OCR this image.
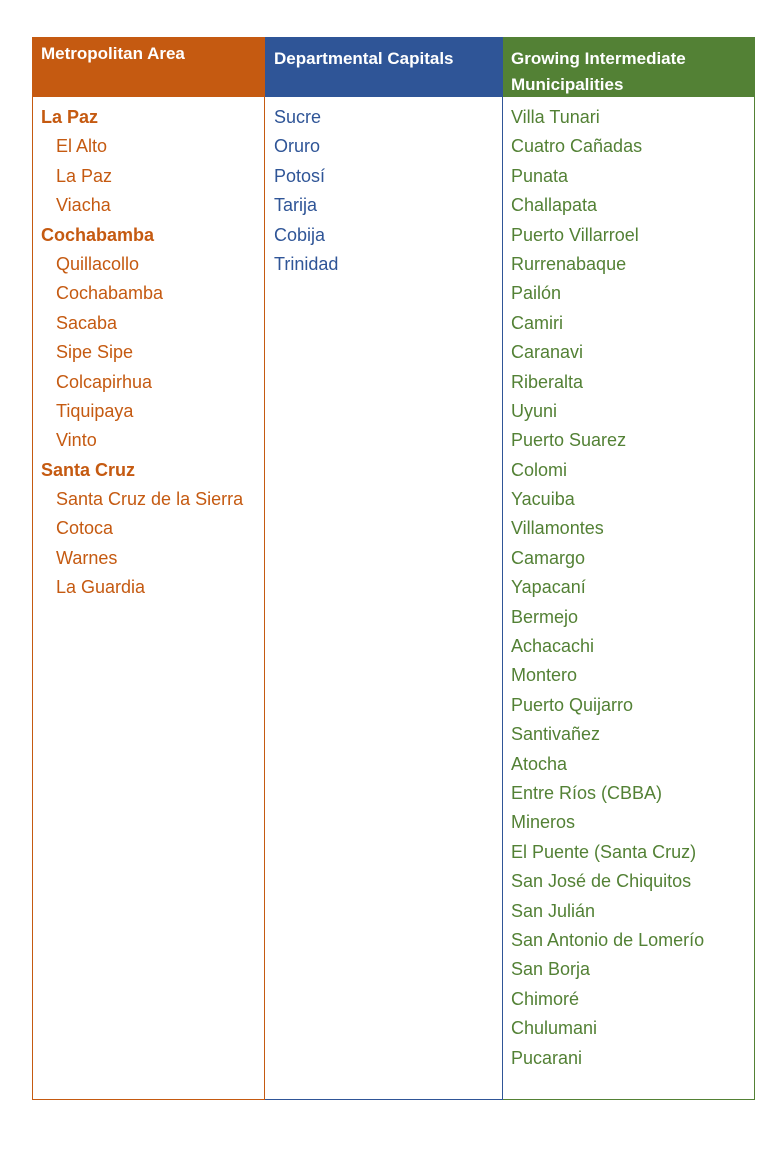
Metropolitan Area
La Paz
El Alto
La Paz
Viacha
Cochabamba
Quillacollo
Cochabamba
Sacaba
Sipe Sipe
Colcapirhua
Tiquipaya
Vinto
Santa Cruz
Santa Cruz de la Sierra
Cotoca
Warnes
La Guardia
Departmental Capitals
Sucre
Oruro
Potosí
Tarija
Cobija
Trinidad
Growing Intermediate Municipalities
Villa Tunari
Cuatro Cañadas
Punata
Challapata
Puerto Villarroel
Rurrenabaque
Pailón
Camiri
Caranavi
Riberalta
Uyuni
Puerto Suarez
Colomi
Yacuiba
Villamontes
Camargo
Yapacaní
Bermejo
Achacachi
Montero
Puerto Quijarro
Santivañez
Atocha
Entre Ríos (CBBA)
Mineros
El Puente (Santa Cruz)
San José de Chiquitos
San Julián
San Antonio de Lomerío
San Borja
Chimoré
Chulumani
Pucarani
